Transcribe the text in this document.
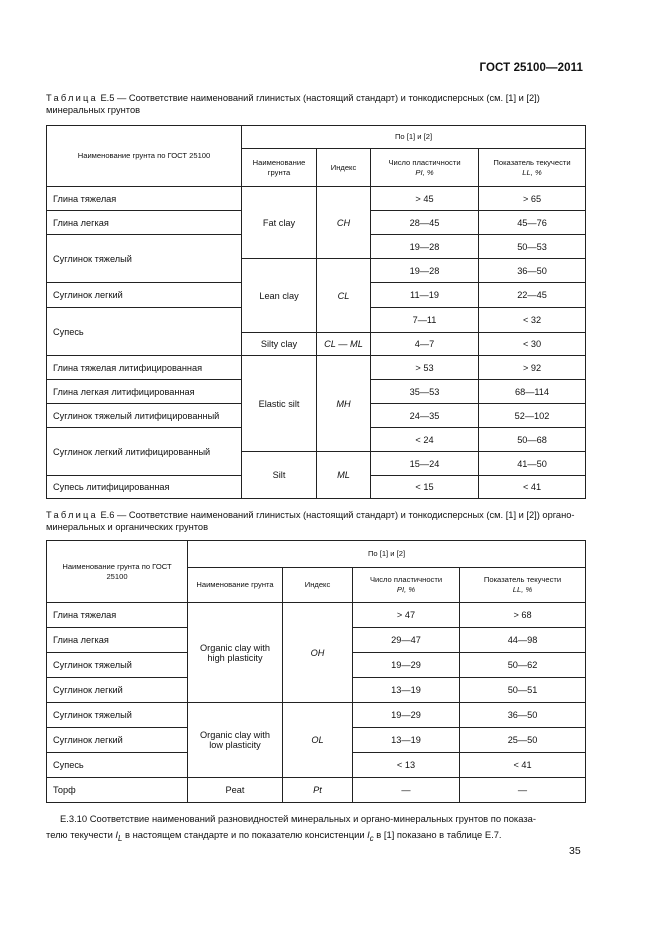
ГОСТ 25100—2011
Таблица Е.5 — Соответствие наименований глинистых (настоящий стандарт) и тонкодисперсных (см. [1] и [2]) минеральных грунтов
Наименование грунта по ГОСТ 25100	По [1] и [2]			
	Наименование грунта	Индекс	Число пластичности
PI, %	Показатель текучести
LL, %
Глина тяжелая	Fat clay	CH	> 45	> 65
Глина легкая			28—45	45—76
Суглинок тяжелый			19—28	50—53
	Lean clay	CL	19—28	36—50
Суглинок легкий			11—19	22—45
Супесь			7—11	< 32
	Silty clay	CL — ML	4—7	< 30
Глина тяжелая литифицированная	Elastic silt	MH	> 53	> 92
Глина легкая литифицированная			35—53	68—114
Суглинок тяжелый литифицированный			24—35	52—102
Суглинок легкий литифицированный			< 24	50—68
	Silt	ML	15—24	41—50
Супесь литифицированная			< 15	< 41
Таблица Е.6 — Соответствие наименований глинистых (настоящий стандарт) и тонкодисперсных (см. [1] и [2]) органо-минеральных и органических грунтов
Наименование грунта по ГОСТ 25100	По [1] и [2]			
	Наименование грунта	Индекс	Число пластичности
PI, %	Показатель текучести
LL, %
Глина тяжелая	Organic clay with high plasticity	OH	> 47	> 68
Глина легкая			29—47	44—98
Суглинок тяжелый			19—29	50—62
Суглинок легкий			13—19	50—51
Суглинок тяжелый	Organic clay with low plasticity	OL	19—29	36—50
Суглинок легкий			13—19	25—50
Супесь			< 13	< 41
Торф	Peat	Pt	—	—

Е.3.10 Соответствие наименований разновидностей минеральных и органо-минеральных грунтов по показа-

телю текучести $I_L$ в настоящем стандарте и по показателю консистенции $I_c$ в [1] показано в таблице Е.7.

35
